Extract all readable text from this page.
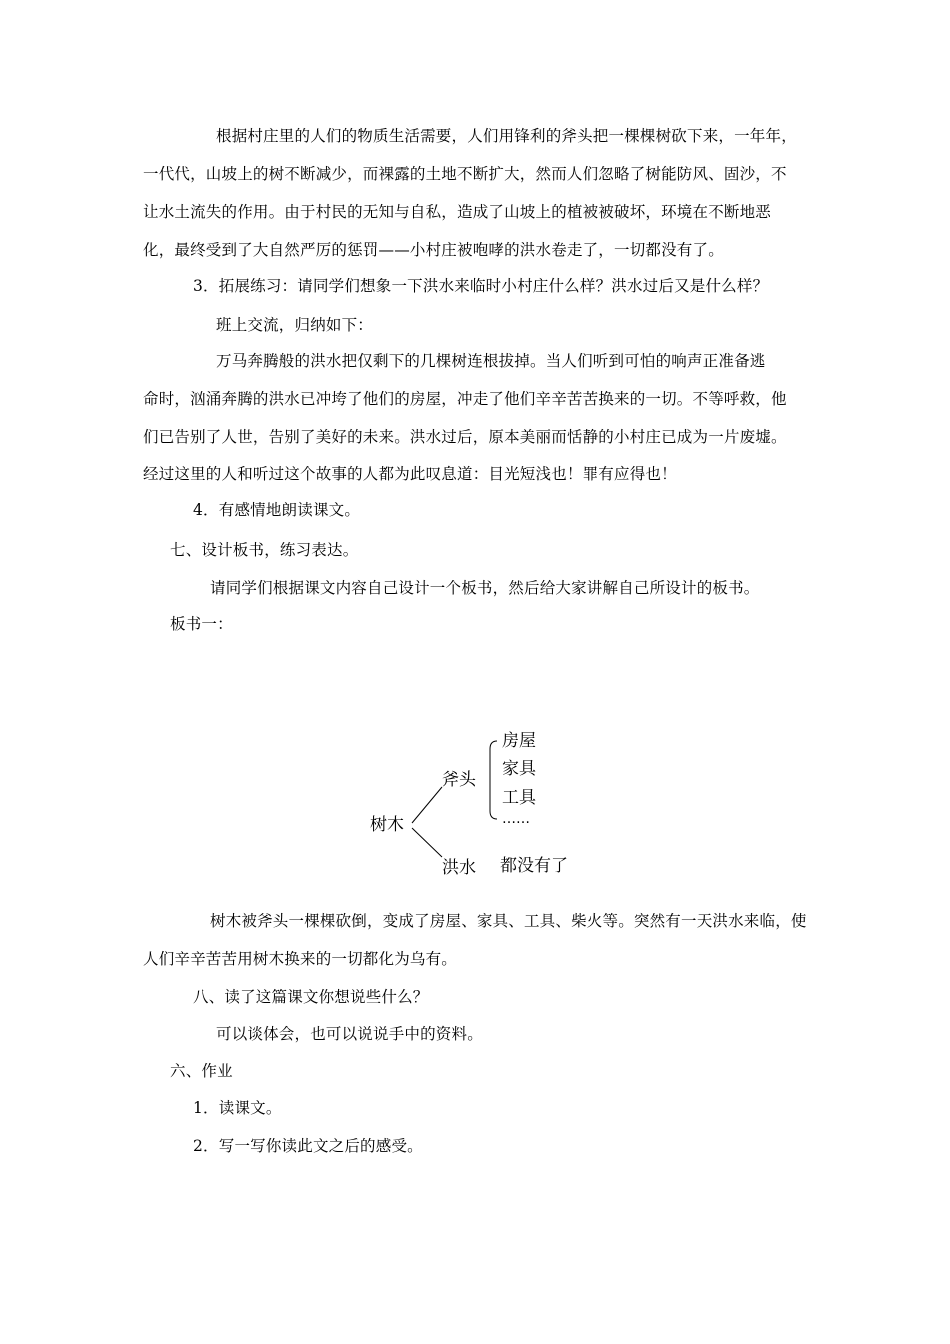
根据村庄里的人们的物质生活需要，人们用锋利的斧头把一棵棵树砍下来，一年年，
一代代，山坡上的树不断减少，而裸露的土地不断扩大，然而人们忽略了树能防风、固沙，不
让水土流失的作用。由于村民的无知与自私，造成了山坡上的植被被破坏，环境在不断地恶
化，最终受到了大自然严厉的惩罚——小村庄被咆哮的洪水卷走了，一切都没有了。
3．拓展练习：请同学们想象一下洪水来临时小村庄什么样？洪水过后又是什么样？
班上交流，归纳如下：
万马奔腾般的洪水把仅剩下的几棵树连根拔掉。当人们听到可怕的响声正准备逃
命时，汹涌奔腾的洪水已冲垮了他们的房屋，冲走了他们辛辛苦苦换来的一切。不等呼救，他
们已告别了人世，告别了美好的未来。洪水过后，原本美丽而恬静的小村庄已成为一片废墟。
经过这里的人和听过这个故事的人都为此叹息道：目光短浅也！罪有应得也！
4．有感情地朗读课文。
七、设计板书，练习表达。
请同学们根据课文内容自己设计一个板书，然后给大家讲解自己所设计的板书。
板书一：
树木
斧头
洪水
房屋
家具
工具
……
都没有了
树木被斧头一棵棵砍倒，变成了房屋、家具、工具、柴火等。突然有一天洪水来临，使
人们辛辛苦苦用树木换来的一切都化为乌有。
八、读了这篇课文你想说些什么？
可以谈体会，也可以说说手中的资料。
六、作业
1．读课文。
2．写一写你读此文之后的感受。
